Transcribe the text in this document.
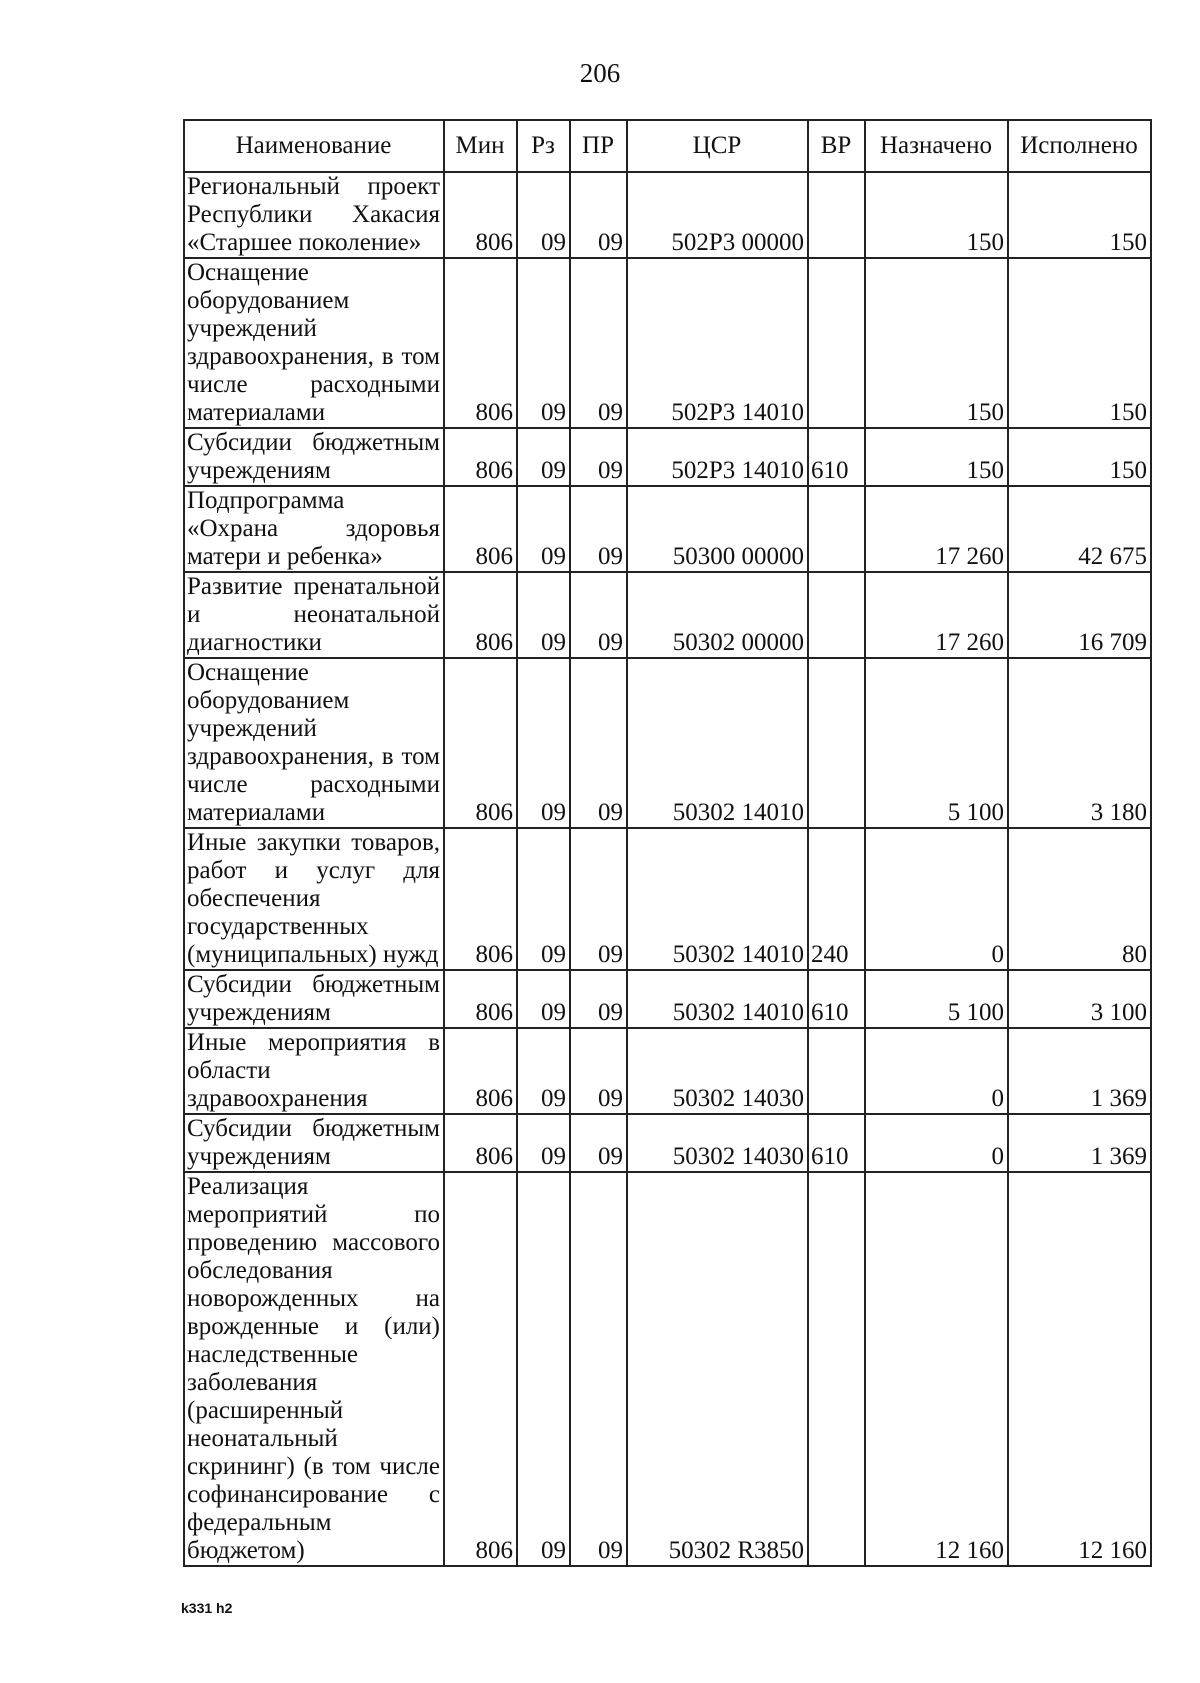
206
Наименование	Мин	Рз	ПР	ЦСР	ВР	Назначено	Исполнено
Региональный проект Республики Хакасия «Старшее поколение»	806	09	09	502P3 00000		150	150
Оснащение оборудованием учреждений здравоохранения, в том числе расходными материалами	806	09	09	502P3 14010		150	150
Субсидии бюджетным учреждениям	806	09	09	502P3 14010	610	150	150
Подпрограмма «Охрана здоровья матери и ребенка»	806	09	09	50300 00000		17 260	42 675
Развитие пренатальной и неонатальной диагностики	806	09	09	50302 00000		17 260	16 709
Оснащение оборудованием учреждений здравоохранения, в том числе расходными материалами	806	09	09	50302 14010		5 100	3 180
Иные закупки товаров, работ и услуг для обеспечения государственных (муниципальных) нужд	806	09	09	50302 14010	240	0	80
Субсидии бюджетным учреждениям	806	09	09	50302 14010	610	5 100	3 100
Иные мероприятия в области здравоохранения	806	09	09	50302 14030		0	1 369
Субсидии бюджетным учреждениям	806	09	09	50302 14030	610	0	1 369
Реализация мероприятий по проведению массового обследования новорожденных на врожденные и (или) наследственные заболевания (расширенный неонатальный скрининг) (в том числе софинансирование с федеральным бюджетом)	806	09	09	50302 R3850		12 160	12 160
k331 h2
